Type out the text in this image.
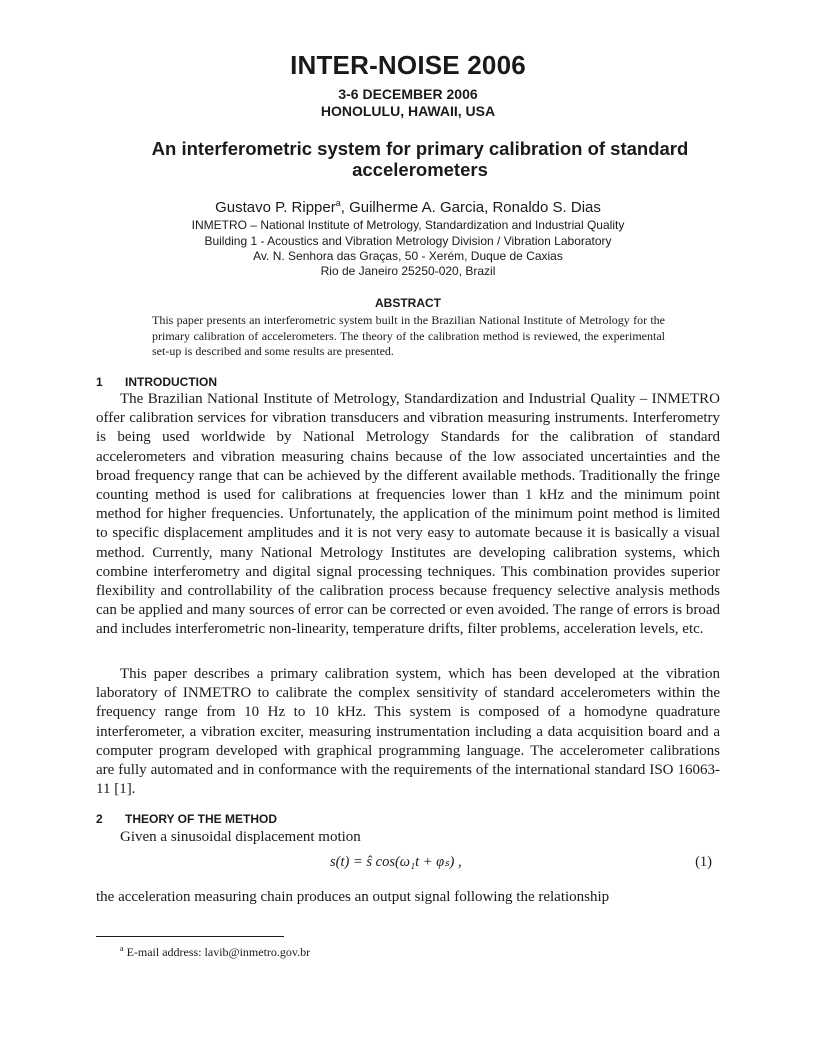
INTER-NOISE 2006
3-6 DECEMBER 2006
HONOLULU, HAWAII, USA
An interferometric system for primary calibration of standard accelerometers
Gustavo P. Ripper$^a$, Guilherme A. Garcia, Ronaldo S. Dias
INMETRO – National Institute of Metrology, Standardization and Industrial Quality
Building 1 - Acoustics and Vibration Metrology Division / Vibration Laboratory
Av. N. Senhora das Graças, 50 - Xerém, Duque de Caxias
Rio de Janeiro 25250-020, Brazil
ABSTRACT
This paper presents an interferometric system built in the Brazilian National Institute of Metrology for the primary calibration of accelerometers. The theory of the calibration method is reviewed, the experimental set-up is described and some results are presented.
1 INTRODUCTION
The Brazilian National Institute of Metrology, Standardization and Industrial Quality – INMETRO offer calibration services for vibration transducers and vibration measuring instruments. Interferometry is being used worldwide by National Metrology Standards for the calibration of standard accelerometers and vibration measuring chains because of the low associated uncertainties and the broad frequency range that can be achieved by the different available methods. Traditionally the fringe counting method is used for calibrations at frequencies lower than 1 kHz and the minimum point method for higher frequencies. Unfortunately, the application of the minimum point method is limited to specific displacement amplitudes and it is not very easy to automate because it is basically a visual method. Currently, many National Metrology Institutes are developing calibration systems, which combine interferometry and digital signal processing techniques. This combination provides superior flexibility and controllability of the calibration process because frequency selective analysis methods can be applied and many sources of error can be corrected or even avoided. The range of errors is broad and includes interferometric non-linearity, temperature drifts, filter problems, acceleration levels, etc.
This paper describes a primary calibration system, which has been developed at the vibration laboratory of INMETRO to calibrate the complex sensitivity of standard accelerometers within the frequency range from 10 Hz to 10 kHz. This system is composed of a homodyne quadrature interferometer, a vibration exciter, measuring instrumentation including a data acquisition board and a computer program developed with graphical programming language. The accelerometer calibrations are fully automated and in conformance with the requirements of the international standard ISO 16063-11 [1].
2 THEORY OF THE METHOD
Given a sinusoidal displacement motion
s(t) = ŝ cos(ω₁t + φₛ) ,	(1)
the acceleration measuring chain produces an output signal following the relationship
$^a$ E-mail address: lavib@inmetro.gov.br
